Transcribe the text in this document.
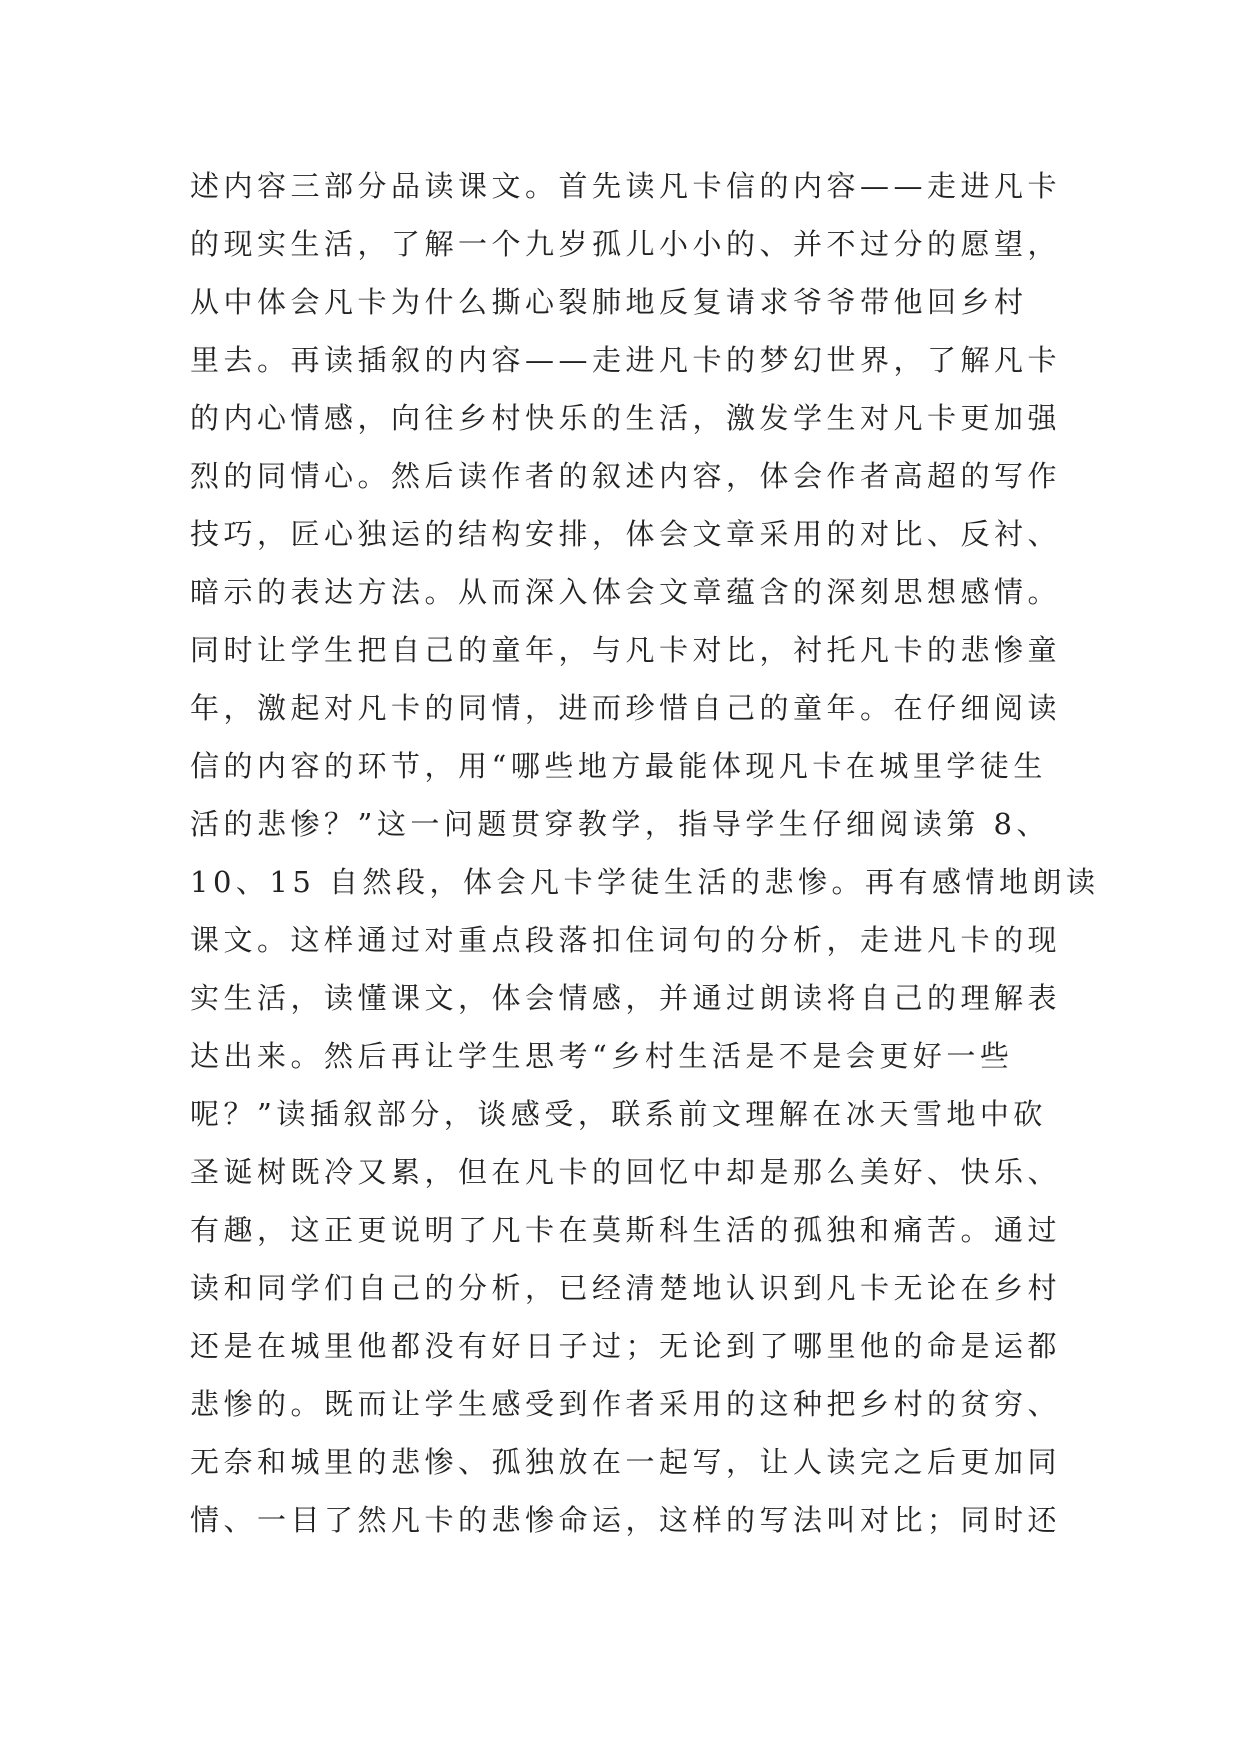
述内容三部分品读课文。首先读凡卡信的内容——走进凡卡
的现实生活，了解一个九岁孤儿小小的、并不过分的愿望，
从中体会凡卡为什么撕心裂肺地反复请求爷爷带他回乡村
里去。再读插叙的内容——走进凡卡的梦幻世界，了解凡卡
的内心情感，向往乡村快乐的生活，激发学生对凡卡更加强
烈的同情心。然后读作者的叙述内容，体会作者高超的写作
技巧，匠心独运的结构安排，体会文章采用的对比、反衬、
暗示的表达方法。从而深入体会文章蕴含的深刻思想感情。
同时让学生把自己的童年，与凡卡对比，衬托凡卡的悲惨童
年，激起对凡卡的同情，进而珍惜自己的童年。在仔细阅读
信的内容的环节，用“哪些地方最能体现凡卡在城里学徒生
活的悲惨？”这一问题贯穿教学，指导学生仔细阅读第 8、
10、15 自然段，体会凡卡学徒生活的悲惨。再有感情地朗读
课文。这样通过对重点段落扣住词句的分析，走进凡卡的现
实生活，读懂课文，体会情感，并通过朗读将自己的理解表
达出来。然后再让学生思考“乡村生活是不是会更好一些
呢？”读插叙部分，谈感受，联系前文理解在冰天雪地中砍
圣诞树既冷又累，但在凡卡的回忆中却是那么美好、快乐、
有趣，这正更说明了凡卡在莫斯科生活的孤独和痛苦。通过
读和同学们自己的分析，已经清楚地认识到凡卡无论在乡村
还是在城里他都没有好日子过；无论到了哪里他的命是运都
悲惨的。既而让学生感受到作者采用的这种把乡村的贫穷、
无奈和城里的悲惨、孤独放在一起写，让人读完之后更加同
情、一目了然凡卡的悲惨命运，这样的写法叫对比；同时还
